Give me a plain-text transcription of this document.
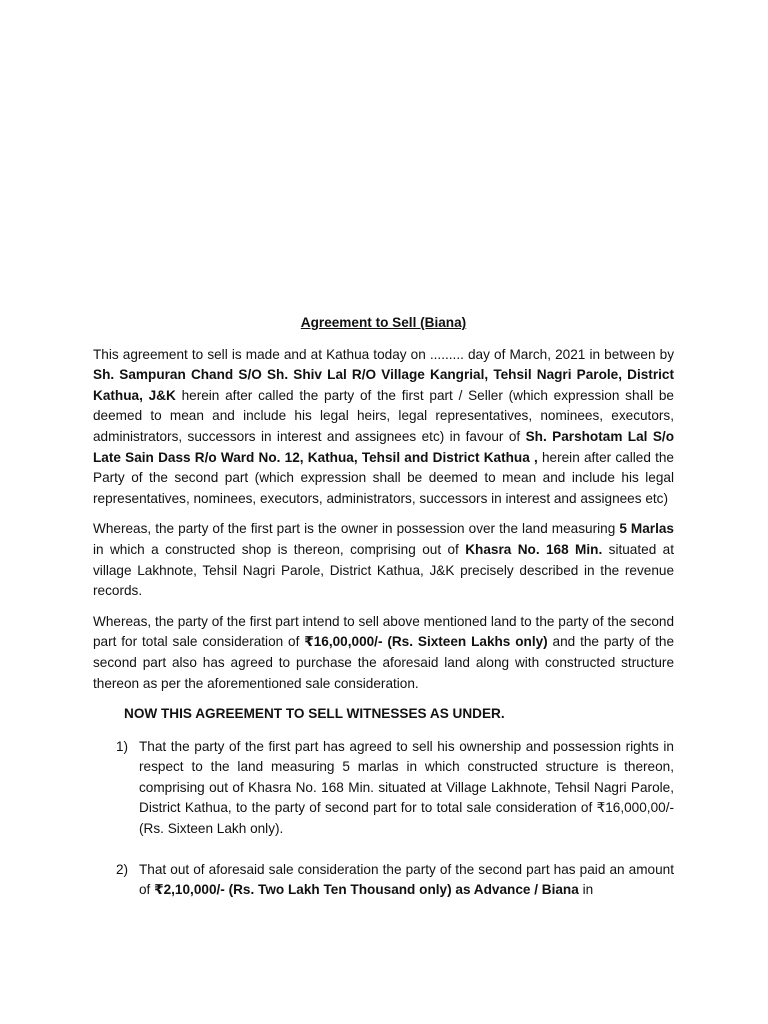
Agreement to Sell (Biana)

This agreement to sell is made and at Kathua today on ......... day of March, 2021 in between by Sh. Sampuran Chand S/O Sh. Shiv Lal R/O Village Kangrial, Tehsil Nagri Parole, District Kathua, J&K herein after called the party of the first part / Seller (which expression shall be deemed to mean and include his legal heirs, legal representatives, nominees, executors, administrators, successors in interest and assignees etc) in favour of Sh. Parshotam Lal S/o Late Sain Dass R/o Ward No. 12, Kathua, Tehsil and District Kathua , herein after called the Party of the second part (which expression shall be deemed to mean and include his legal representatives, nominees, executors, administrators, successors in interest and assignees etc)

Whereas, the party of the first part is the owner in possession over the land measuring 5 Marlas in which a constructed shop is thereon, comprising out of Khasra No. 168 Min. situated at village Lakhnote, Tehsil Nagri Parole, District Kathua, J&K precisely described in the revenue records.

Whereas, the party of the first part intend to sell above mentioned land to the party of the second part for total sale consideration of ₹16,00,000/- (Rs. Sixteen Lakhs only) and the party of the second part also has agreed to purchase the aforesaid land along with constructed structure thereon as per the aforementioned sale consideration.

NOW THIS AGREEMENT TO SELL WITNESSES AS UNDER.
1) That the party of the first part has agreed to sell his ownership and possession rights in respect to the land measuring 5 marlas in which constructed structure is thereon, comprising out of Khasra No. 168 Min. situated at Village Lakhnote, Tehsil Nagri Parole, District Kathua, to the party of second part for to total sale consideration of ₹16,000,00/- (Rs. Sixteen Lakh only).
2) That out of aforesaid sale consideration the party of the second part has paid an amount of ₹2,10,000/- (Rs. Two Lakh Ten Thousand only) as Advance / Biana in
